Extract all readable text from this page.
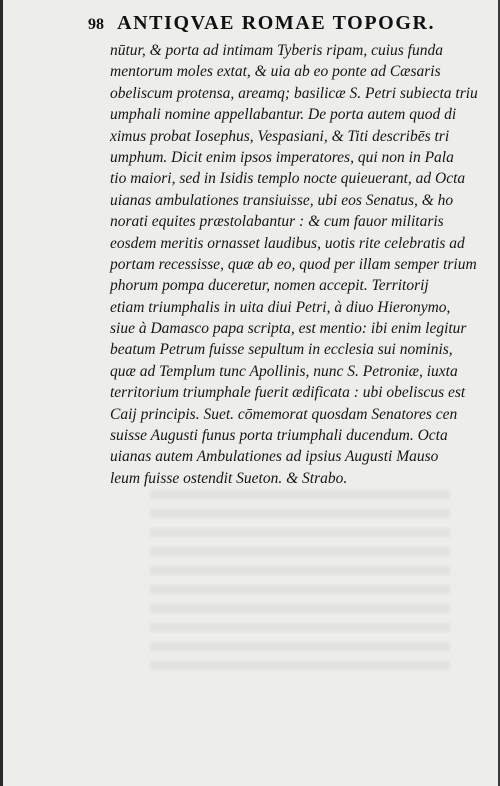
98 ANTIQVAE ROMAE TOPOGR.
nūtur, & porta ad intimam Tyberis ripam, cuius funda
mentorum moles extat, & uia ab eo ponte ad Cæsaris
obeliscum protensa, areamq; basilicæ S. Petri subiecta triu
umphali nomine appellabantur. De porta autem quod di
ximus probat Iosephus, Vespasiani, & Titi describēs tri
umphum. Dicit enim ipsos imperatores, qui non in Pala
tio maiori, sed in Isidis templo nocte quieuerant, ad Octa
uianas ambulationes transiuisse, ubi eos Senatus, & ho
norati equites præstolabantur : & cum fauor militaris
eosdem meritis ornasset laudibus, uotis rite celebratis ad
portam recessisse, quæ ab eo, quod per illam semper trium
phorum pompa duceretur, nomen accepit. Territorij
etiam triumphalis in uita diui Petri, à diuo Hieronymo,
siue à Damasco papa scripta, est mentio: ibi enim legitur
beatum Petrum fuisse sepultum in ecclesia sui nominis,
quæ ad Templum tunc Apollinis, nunc S. Petroniæ, iuxta
territorium triumphale fuerit ædificata : ubi obeliscus est
Caij principis. Suet. cōmemorat quosdam Senatores cen
suisse Augusti funus porta triumphali ducendum. Octa
uianas autem Ambulationes ad ipsius Augusti Mauso
leum fuisse ostendit Sueton. & Strabo.
